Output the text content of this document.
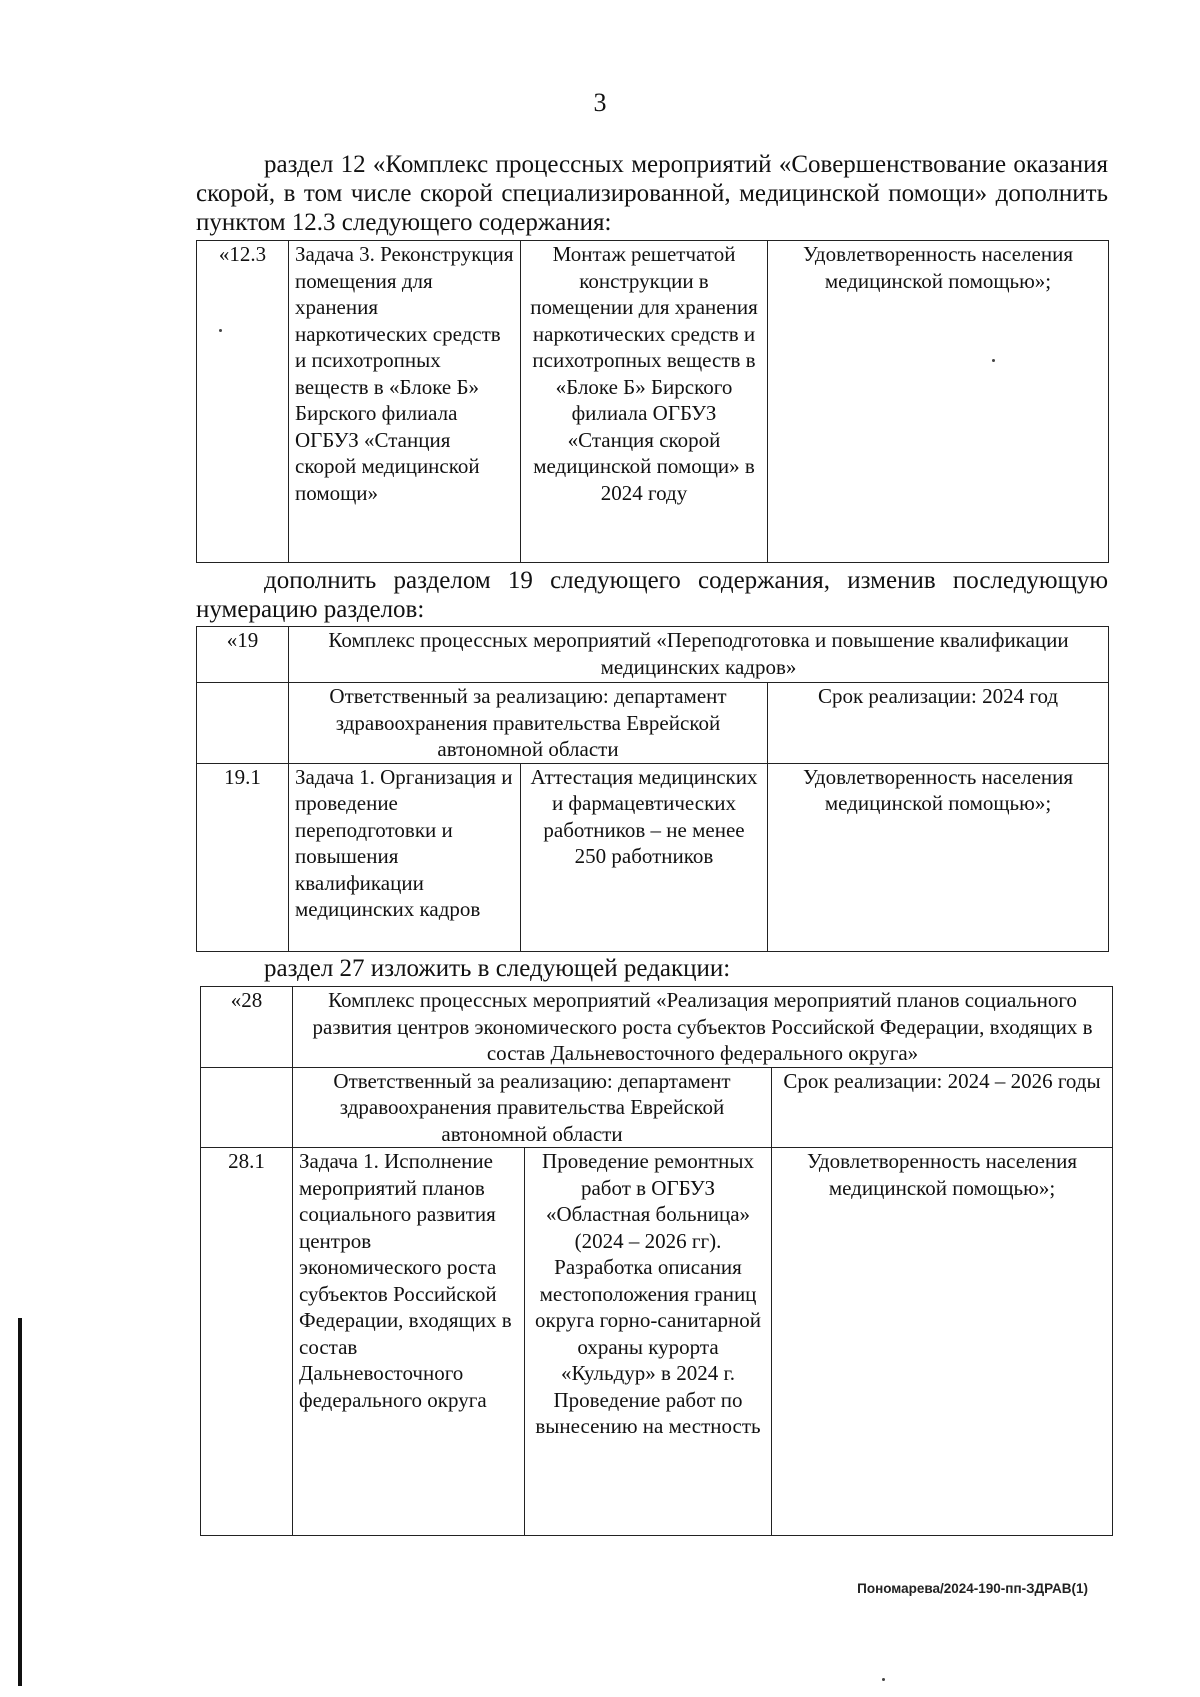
3

раздел 12 «Комплекс процессных мероприятий «Совершенствование оказания скорой, в том числе скорой специализированной, медицинской помощи» дополнить пунктом 12.3 следующего содержания:

«12.3	Задача 3. Реконструкция помещения для хранения наркотических средств и психотропных веществ в «Блоке Б» Бирского филиала ОГБУЗ «Станция скорой медицинской помощи»	Монтаж решетчатой конструкции в помещении для хранения наркотических средств и психотропных веществ в «Блоке Б» Бирского филиала ОГБУЗ «Станция скорой медицинской помощи» в 2024 году	Удовлетворенность населения медицинской помощью»;

дополнить разделом 19 следующего содержания, изменив последующую нумерацию разделов:

«19	Комплекс процессных мероприятий «Переподготовка и повышение квалификации медицинских кадров»		
	Ответственный за реализацию: департамент здравоохранения правительства Еврейской автономной области		Срок реализации: 2024 год
19.1	Задача 1. Организация и проведение переподготовки и повышения квалификации медицинских кадров	Аттестация медицинских и фармацевтических работников – не менее 250 работников	Удовлетворенность населения медицинской помощью»;

раздел 27 изложить в следующей редакции:

«28	Комплекс процессных мероприятий «Реализация мероприятий планов социального развития центров экономического роста субъектов Российской Федерации, входящих в состав Дальневосточного федерального округа»		
	Ответственный за реализацию: департамент здравоохранения правительства Еврейской автономной области		Срок реализации: 2024 – 2026 годы
28.1	Задача 1. Исполнение мероприятий планов социального развития центров экономического роста субъектов Российской Федерации, входящих в состав Дальневосточного федерального округа	Проведение ремонтных работ в ОГБУЗ «Областная больница» (2024 – 2026 гг). Разработка описания местоположения границ округа горно-санитарной охраны курорта «Кульдур» в 2024 г. Проведение работ по вынесению на местность	Удовлетворенность населения медицинской помощью»;
Пономарева/2024-190-пп-ЗДРАВ(1)
